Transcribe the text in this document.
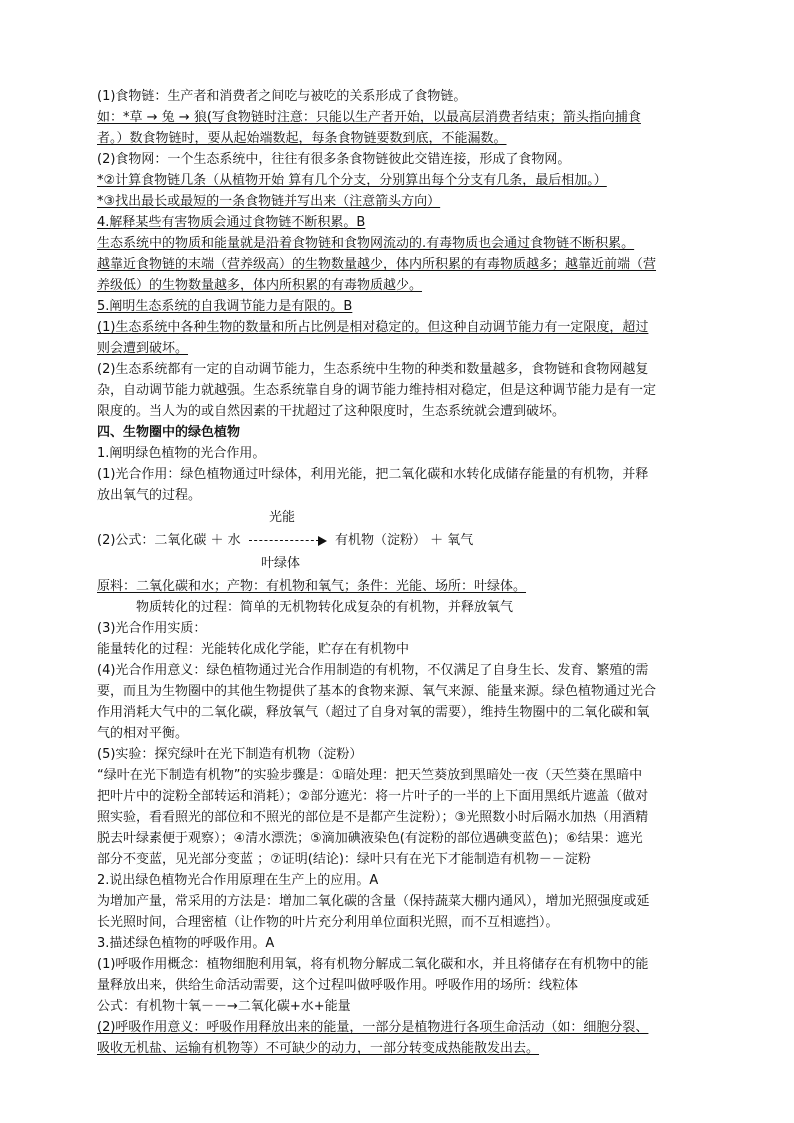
(1)食物链：生产者和消费者之间吃与被吃的关系形成了食物链。
如：*草 → 兔 → 狼(写食物链时注意：只能以生产者开始，以最高层消费者结束；箭头指向捕食
者。）数食物链时，要从起始端数起，每条食物链要数到底，不能漏数。
(2)食物网：一个生态系统中，往往有很多条食物链彼此交错连接，形成了食物网。
*②计算食物链几条（从植物开始 算有几个分支，分别算出每个分支有几条，最后相加。）
*③找出最长或最短的一条食物链并写出来（注意箭头方向）
4.解释某些有害物质会通过食物链不断积累。B
生态系统中的物质和能量就是沿着食物链和食物网流动的.有毒物质也会通过食物链不断积累。
越靠近食物链的末端（营养级高）的生物数量越少，体内所积累的有毒物质越多；越靠近前端（营
养级低）的生物数量越多，体内所积累的有毒物质越少。
5.阐明生态系统的自我调节能力是有限的。B
(1)生态系统中各种生物的数量和所占比例是相对稳定的。但这种自动调节能力有一定限度，超过
则会遭到破坏。
(2)生态系统都有一定的自动调节能力，生态系统中生物的种类和数量越多，食物链和食物网越复
杂，自动调节能力就越强。生态系统靠自身的调节能力维持相对稳定，但是这种调节能力是有一定
限度的。当人为的或自然因素的干扰超过了这种限度时，生态系统就会遭到破坏。
四、生物圈中的绿色植物
1.阐明绿色植物的光合作用。
(1)光合作用：绿色植物通过叶绿体，利用光能，把二氧化碳和水转化成储存能量的有机物，并释
放出氧气的过程。
光能
(2)公式：二氧化碳 ＋ 水	有机物（淀粉） ＋ 氧气
叶绿体
原料：二氧化碳和水；产物：有机物和氧气；条件：光能、场所：叶绿体。
物质转化的过程：简单的无机物转化成复杂的有机物，并释放氧气
(3)光合作用实质：
能量转化的过程：光能转化成化学能，贮存在有机物中
(4)光合作用意义：绿色植物通过光合作用制造的有机物，不仅满足了自身生长、发育、繁殖的需
要，而且为生物圈中的其他生物提供了基本的食物来源、氧气来源、能量来源。绿色植物通过光合
作用消耗大气中的二氧化碳，释放氧气（超过了自身对氧的需要），维持生物圈中的二氧化碳和氧
气的相对平衡。
(5)实验：探究绿叶在光下制造有机物（淀粉）
“绿叶在光下制造有机物”的实验步骤是：①暗处理：把天竺葵放到黑暗处一夜（天竺葵在黑暗中
把叶片中的淀粉全部转运和消耗）；②部分遮光：将一片叶子的一半的上下面用黑纸片遮盖（做对
照实验，看看照光的部位和不照光的部位是不是都产生淀粉）；③光照数小时后隔水加热（用酒精
脱去叶绿素便于观察）；④清水漂洗；⑤滴加碘液染色(有淀粉的部位遇碘变蓝色)；⑥结果：遮光
部分不变蓝，见光部分变蓝 ；⑦证明(结论)：绿叶只有在光下才能制造有机物－－淀粉
2.说出绿色植物光合作用原理在生产上的应用。A
为增加产量，常采用的方法是：增加二氧化碳的含量（保持蔬菜大棚内通风），增加光照强度或延
长光照时间，合理密植（让作物的叶片充分利用单位面积光照，而不互相遮挡）。
3.描述绿色植物的呼吸作用。A
(1)呼吸作用概念：植物细胞利用氧，将有机物分解成二氧化碳和水，并且将储存在有机物中的能
量释放出来，供给生命活动需要，这个过程叫做呼吸作用。呼吸作用的场所：线粒体
公式：有机物十氧－－→二氧化碳+水+能量
(2)呼吸作用意义：呼吸作用释放出来的能量，一部分是植物进行各项生命活动（如：细胞分裂、
吸收无机盐、运输有机物等）不可缺少的动力，一部分转变成热能散发出去。
